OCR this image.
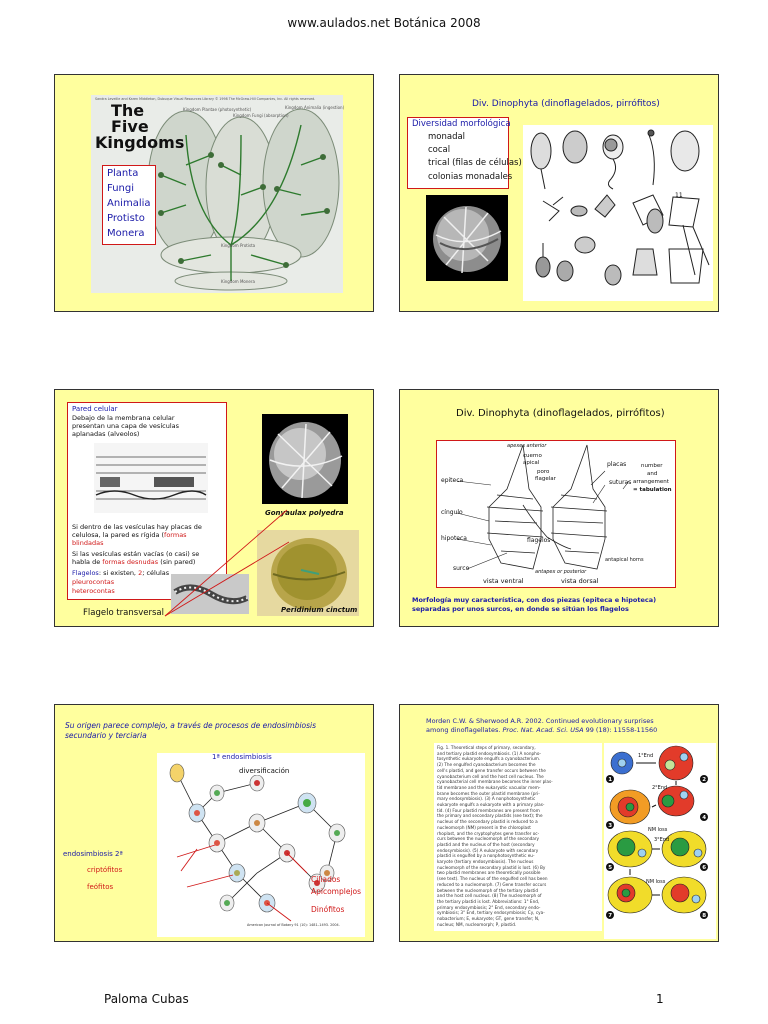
www.aulados.net Botánica 2008
Sandra Leveille and Karen Middleton, Dubuque Visual Resources Library © 1998 The McGraw-Hill Companies, Inc. All rights reserved.
The
Five
Kingdoms
Kingdom Plantae (photosynthetic)
Kingdom Fungi (absorption)
Kingdom Animalia (ingestion)
Kingdom Protista
Kingdom Monera
Planta
Fungi
Animalia
Protisto
Monera
Div. Dinophyta (dinoflagelados, pirrófitos)
Diversidad morfológica
monadal
cocal
trical (filas de células)
colonias monadales
11
Pared celular
Debajo de la membrana celular
presentan una capa de vesículas
aplanadas (alveolos)
Si dentro de las vesículas hay placas de
celulosa, la pared es rígida (formas
blindadas
Si las vesículas están vacías (o casi) se
habla de formas desnudas (sin pared)
Flagelos: si existen, 2; células
pleurocontas
heterocontas
Gonyaulax polyedra
Peridinium cinctum
Flagelo transversal
Div. Dinophyta (dinoflagelados, pirrófitos)
apexes anterior
cuerno
apical
poro
flagelar
placas
suturas
number
and
arrangement
= tabulation
epiteca
cíngulo
hipoteca	flagelos
surco	antapex or posterior
antapical horns
vista ventral	vista dorsal
Morfología muy característica, con dos piezas (epiteca e hipoteca)
separadas por unos surcos, en donde se sitúan los flagelos
Su origen parece complejo, a través de procesos de endosimbiosis
secundario y terciaria
American Journal of Botany 91 (10): 1481–1493. 2004.
1ª endosimbiosis
diversificación
endosimbiosis 2ª
criptófitos
feófitos
Ciliados
Apicomplejos
Dinófitos
Morden C.W. & Sherwood A.R. 2002. Continued evolutionary surprises
among dinoflagellates. Proc. Nat. Acad. Sci. USA 99 (18): 11558-11560
Fig. 1. Theoretical steps of primary, secondary,
and tertiary plastid endosymbiosis. (1) A nonpho-
tosynthetic eukaryote engulfs a cyanobacterium.
(2) The engulfed cyanobacterium becomes the
cell's plastid, and gene transfer occurs between the
cyanobacterium cell and the host cell nucleus. The
cyanobacterial cell membrane becomes the inner plas-
tid membrane and the eukaryotic vacuolar mem-
brane becomes the outer plastid membrane (pri-
mary endosymbiosis). (3) A nonphotosynthetic
eukaryote engulfs a eukaryote with a primary plas-
tid. (4) Four plastid membranes are present from
the primary and secondary plastids (see text); the
nucleus of the secondary plastid is reduced to a
nucleomorph (NM) present in the chloroplast
rhoplast, and the cryptophytes gene transfer oc-
curs between the nucleomorph of the secondary
plastid and the nucleus of the host (secondary
endosymbiosis). (5) A eukaryote with secondary
plastid is engulfed by a nonphotosynthetic eu-
karyote (tertiary endosymbiosis). The nucleus
nucleomorph of the secondary plastid is lost. (6) By
two plastid membranes are theoretically possible
(see text). The nucleus of the engulfed cell has been
reduced to a nucleomorph. (7) Gene transfer occurs
between the nucleomorph of the tertiary plastid
and the host cell nucleus. (8) The nucleomorph of
the tertiary plastid is lost. Abbreviations: 1° End,
primary endosymbiosis; 2° End, secondary endo-
symbiosis; 3° End, tertiary endosymbiosis; Cy, cya-
nobacterium; E, eukaryote; GT, gene transfer; N,
nucleus; NM, nucleomorph; P, plastid.
1°End
2°End
3°End
NM loss
NM loss
1	2
3
4
5	6
7	8
Paloma Cubas	1
